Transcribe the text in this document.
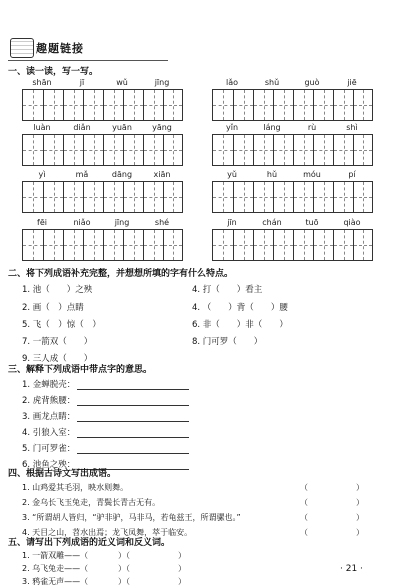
趣题链接
一、读一读，写一写。
shān	jī	wǔ	jīng	lǎo	shǔ	guò	jiē
luàn	diǎn	yuān	yāng	yǐn	láng	rù	shì
yì	mǎ	dāng	xiān	yǔ	hǔ	móu	pí
fēi	niǎo	jīng	shé	jīn	chán	tuō	qiào
二、将下列成语补充完整，并想想所填的字有什么特点。
1. 池（　　）之殃	4. 打（　　）看主
2. 画（　）点睛	4. （　　）背（　　）腰
5. 飞（　）惊（　）	6. 非（　　）非（　　）
7. 一箭双（　　）	8. 门可罗（　　）
9. 三人成（　　）
三、解释下列成语中带点字的意思。
1. 金蝉脱壳：
2. 虎背熊腰：
3. 画龙点睛：
4. 引狼入室：
5. 门可罗雀：
6. 池鱼之殃：
四、根据古诗文写出成语。
1. 山鸡爱其毛羽，映水则舞。	（　　　　　　）
2. 金乌长飞玉兔走，青鬓长青古无有。	（　　　　　　）
3. “所谓胡人皆归，“驴非驴，马非马，若龟兹王，所谓骡也。”	（　　　　　　）
4. 天目之山，苕水出焉；龙飞凤舞，萃于临安。	（　　　　　　）
五、请写出下列成语的近义词和反义词。
1. 一箭双雕——（	）（　　　　　　）
2. 乌飞兔走——（	）（　　　　　　）
3. 鸦雀无声——（	）（　　　　　　）
· 21 ·
